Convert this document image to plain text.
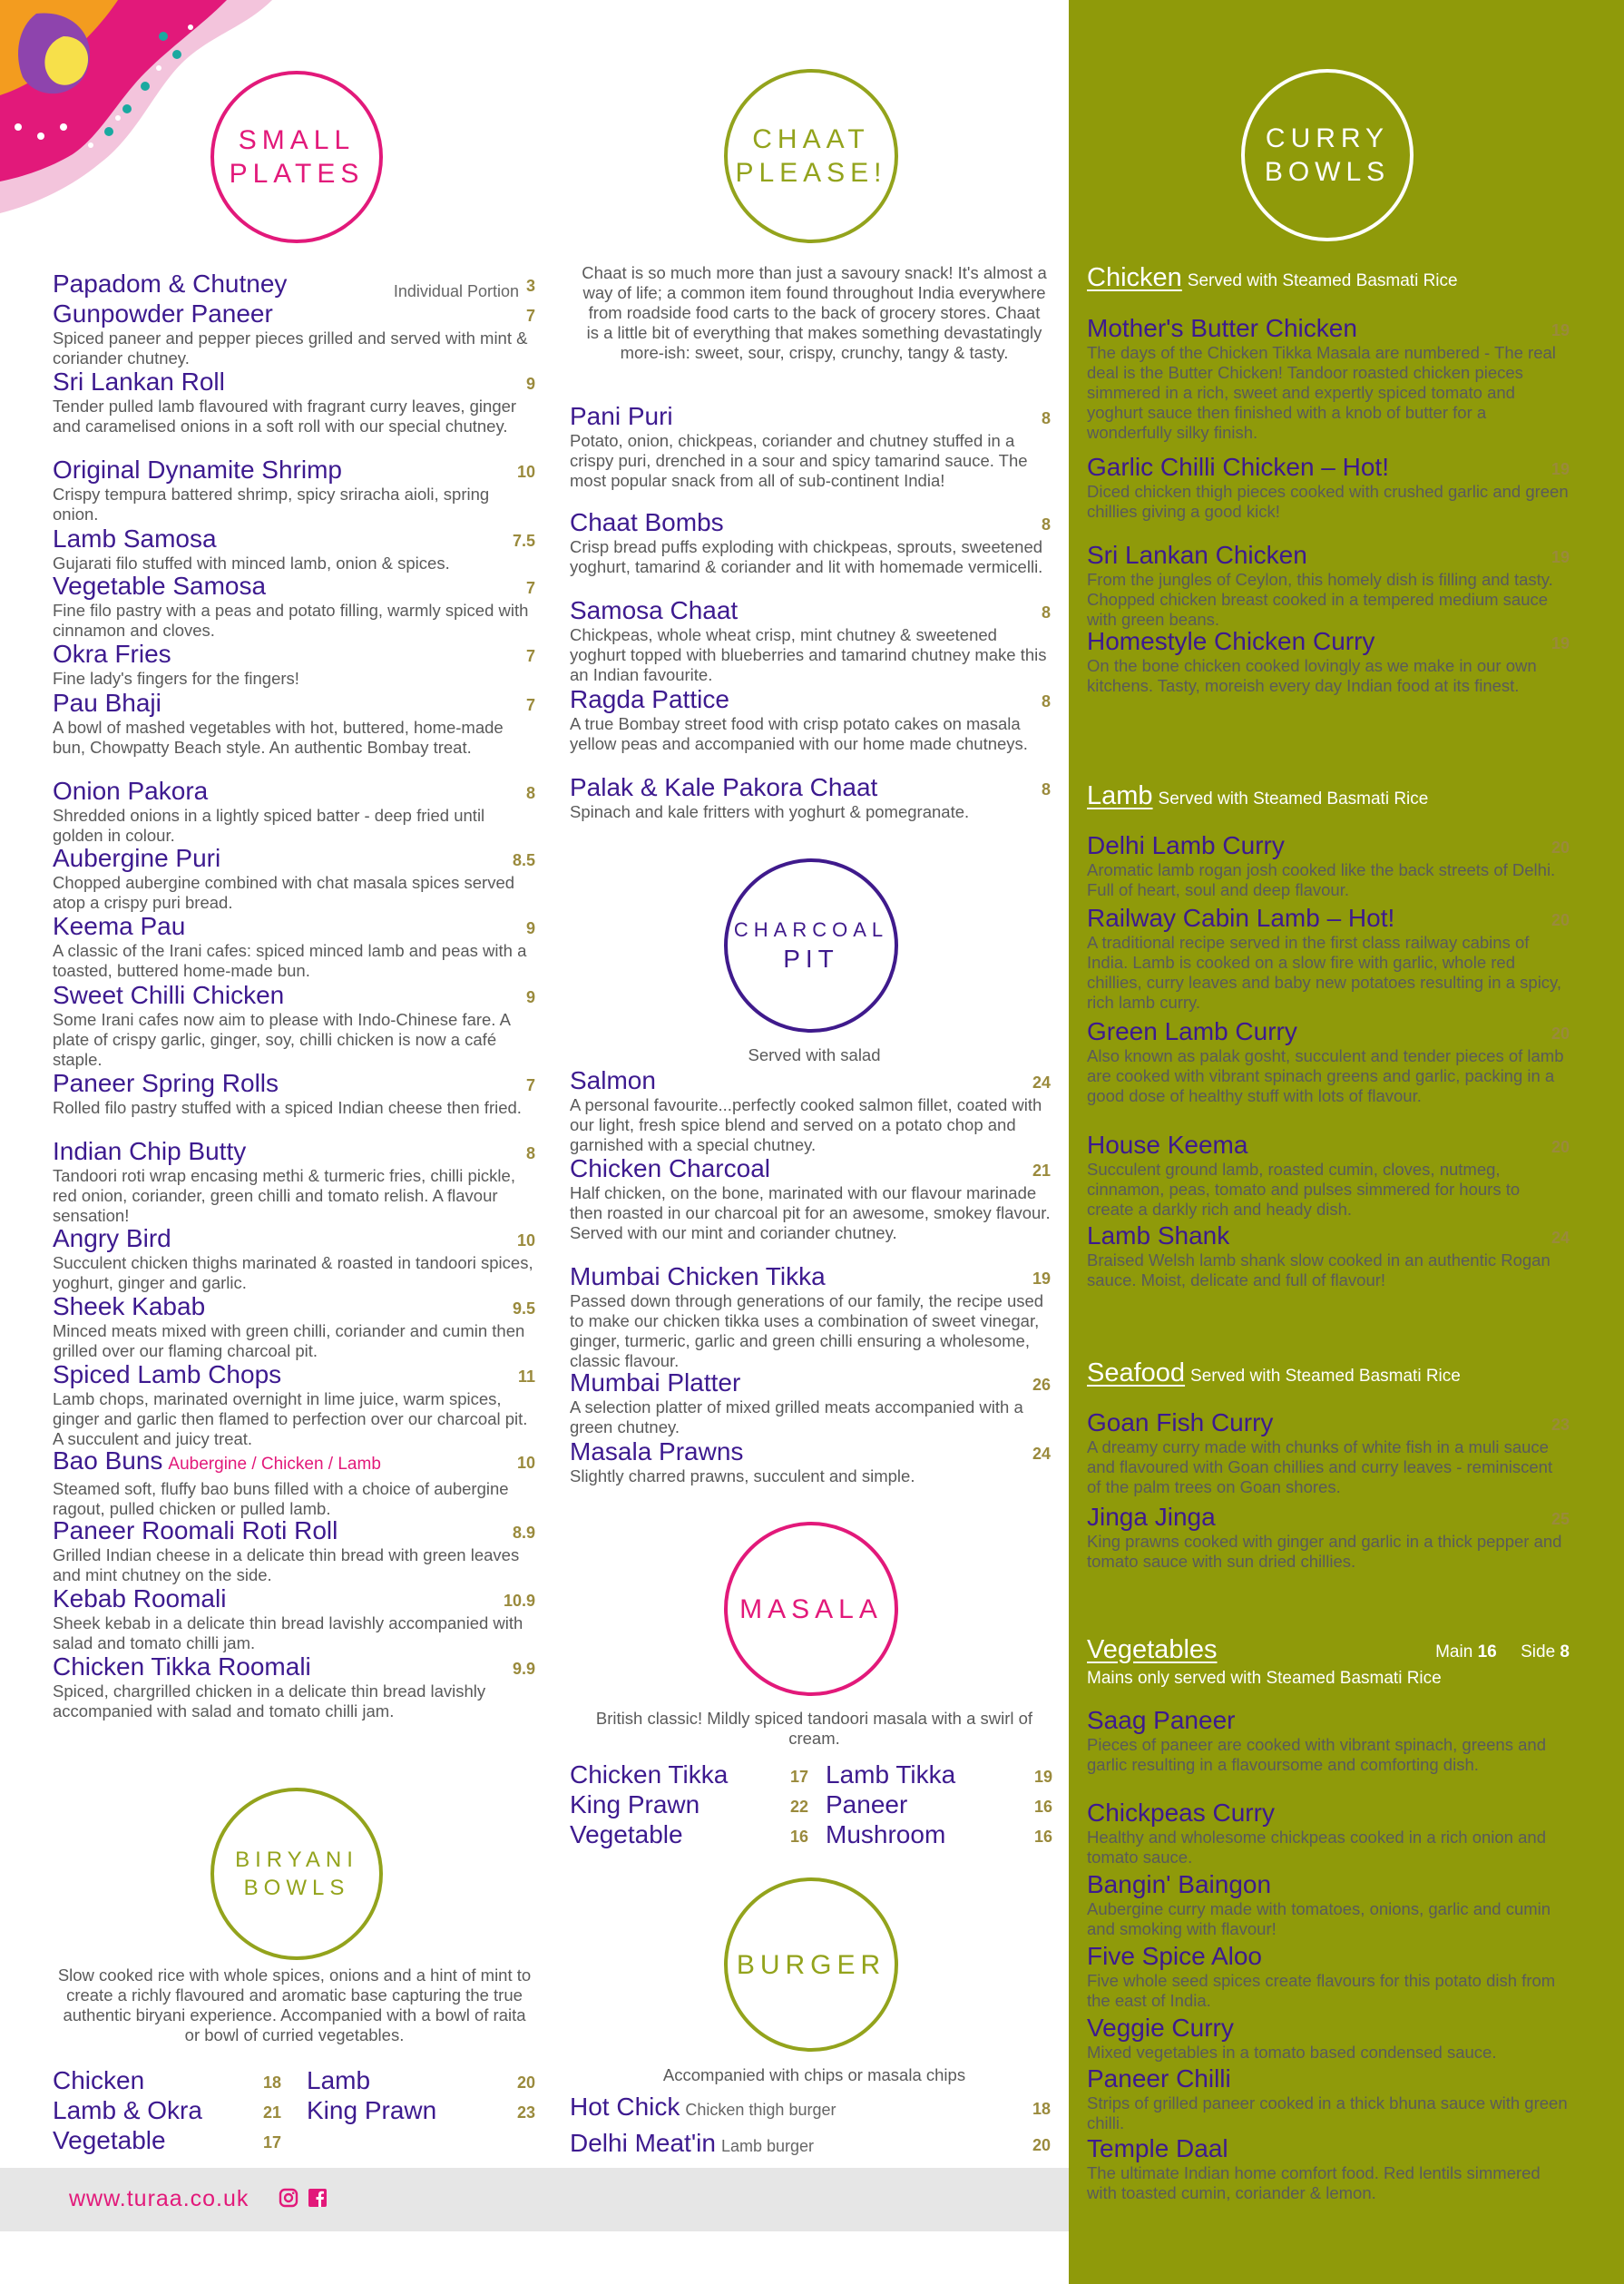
SMALL
PLATES
Papadom & Chutney	Individual Portion 3
Gunpowder Paneer	7
Spiced paneer and pepper pieces grilled and served with mint & coriander chutney.
Sri Lankan Roll	9
Tender pulled lamb flavoured with fragrant curry leaves, ginger and caramelised onions in a soft roll with our special chutney.
Original Dynamite Shrimp	10
Crispy tempura battered shrimp, spicy sriracha aioli, spring onion.
Lamb Samosa	7.5
Gujarati filo stuffed with minced lamb, onion & spices.
Vegetable Samosa	7
Fine filo pastry with a peas and potato filling, warmly spiced with cinnamon and cloves.
Okra Fries	7
Fine lady's fingers for the fingers!
Pau Bhaji	7
A bowl of mashed vegetables with hot, buttered, home-made bun, Chowpatty Beach style. An authentic Bombay treat.
Onion Pakora	8
Shredded onions in a lightly spiced batter - deep fried until golden in colour.
Aubergine Puri	8.5
Chopped aubergine combined with chat masala spices served atop a crispy puri bread.
Keema Pau	9
A classic of the Irani cafes: spiced minced lamb and peas with a toasted, buttered home-made bun.
Sweet Chilli Chicken	9
Some Irani cafes now aim to please with Indo-Chinese fare. A plate of crispy garlic, ginger, soy, chilli chicken is now a café staple.
Paneer Spring Rolls	7
Rolled filo pastry stuffed with a spiced Indian cheese then fried.
Indian Chip Butty	8
Tandoori roti wrap encasing methi & turmeric fries, chilli pickle, red onion, coriander, green chilli and tomato relish. A flavour sensation!
Angry Bird	10
Succulent chicken thighs marinated & roasted in tandoori spices, yoghurt, ginger and garlic.
Sheek Kabab	9.5
Minced meats mixed with green chilli, coriander and cumin then grilled over our flaming charcoal pit.
Spiced Lamb Chops	11
Lamb chops, marinated overnight in lime juice, warm spices, ginger and garlic then flamed to perfection over our charcoal pit. A succulent and juicy treat.
Bao Buns Aubergine / Chicken / Lamb	10
Steamed soft, fluffy bao buns filled with a choice of aubergine ragout, pulled chicken or pulled lamb.
Paneer Roomali Roti Roll	8.9
Grilled Indian cheese in a delicate thin bread with green leaves and mint chutney on the side.
Kebab Roomali	10.9
Sheek kebab in a delicate thin bread lavishly accompanied with salad and tomato chilli jam.
Chicken Tikka Roomali	9.9
Spiced, chargrilled chicken in a delicate thin bread lavishly accompanied with salad and tomato chilli jam.
BIRYANI
BOWLS
Slow cooked rice with whole spices, onions and a hint of mint to create a richly flavoured and aromatic base capturing the true authentic biryani experience. Accompanied with a bowl of raita or bowl of curried vegetables.
Chicken	18 Lamb	20
Lamb & Okra	21 King Prawn	23
Vegetable	17
CHAAT
PLEASE!
Chaat is so much more than just a savoury snack! It's almost a way of life; a common item found throughout India everywhere from roadside food carts to the back of grocery stores. Chaat is a little bit of everything that makes something devastatingly more-ish: sweet, sour, crispy, crunchy, tangy & tasty.
CHARCOAL
PIT
Served with salad
MASALA
British classic! Mildly spiced tandoori masala with a swirl of cream.
BURGER
Accompanied with chips or masala chips
Pani Puri	8
Potato, onion, chickpeas, coriander and chutney stuffed in a crispy puri, drenched in a sour and spicy tamarind sauce. The most popular snack from all of sub-continent India!
Chaat Bombs	8
Crisp bread puffs exploding with chickpeas, sprouts, sweetened yoghurt, tamarind & coriander and lit with homemade vermicelli.
Samosa Chaat	8
Chickpeas, whole wheat crisp, mint chutney & sweetened yoghurt topped with blueberries and tamarind chutney make this an Indian favourite.
Ragda Pattice	8
A true Bombay street food with crisp potato cakes on masala yellow peas and accompanied with our home made chutneys.
Palak & Kale Pakora Chaat	8
Spinach and kale fritters with yoghurt & pomegranate.
Salmon	24
A personal favourite...perfectly cooked salmon fillet, coated with our light, fresh spice blend and served on a potato chop and garnished with a special chutney.
Chicken Charcoal	21
Half chicken, on the bone, marinated with our flavour marinade then roasted in our charcoal pit for an awesome, smokey flavour. Served with our mint and coriander chutney.
Mumbai Chicken Tikka	19
Passed down through generations of our family, the recipe used to make our chicken tikka uses a combination of sweet vinegar, ginger, turmeric, garlic and green chilli ensuring a wholesome, classic flavour.
Mumbai Platter	26
A selection platter of mixed grilled meats accompanied with a green chutney.
Masala Prawns	24
Slightly charred prawns, succulent and simple.
Chicken Tikka	17 Lamb Tikka	19
King Prawn	22 Paneer	16
Vegetable	16 Mushroom	16
Hot Chick Chicken thigh burger	18
Delhi Meat'in Lamb burger	20
CURRY
BOWLS
Chicken Served with Steamed Basmati Rice
Mother's Butter Chicken	19
The days of the Chicken Tikka Masala are numbered - The real deal is the Butter Chicken! Tandoor roasted chicken pieces simmered in a rich, sweet and expertly spiced tomato and yoghurt sauce then finished with a knob of butter for a wonderfully silky finish.
Garlic Chilli Chicken – Hot!	19
Diced chicken thigh pieces cooked with crushed garlic and green chillies giving a good kick!
Sri Lankan Chicken	19
From the jungles of Ceylon, this homely dish is filling and tasty. Chopped chicken breast cooked in a tempered medium sauce with green beans.
Homestyle Chicken Curry	19
On the bone chicken cooked lovingly as we make in our own kitchens. Tasty, moreish every day Indian food at its finest.
Lamb Served with Steamed Basmati Rice
Delhi Lamb Curry	20
Aromatic lamb rogan josh cooked like the back streets of Delhi. Full of heart, soul and deep flavour.
Railway Cabin Lamb – Hot!	20
A traditional recipe served in the first class railway cabins of India. Lamb is cooked on a slow fire with garlic, whole red chillies, curry leaves and baby new potatoes resulting in a spicy, rich lamb curry.
Green Lamb Curry	20
Also known as palak gosht, succulent and tender pieces of lamb are cooked with vibrant spinach greens and garlic, packing in a good dose of healthy stuff with lots of flavour.
House Keema	20
Succulent ground lamb, roasted cumin, cloves, nutmeg, cinnamon, peas, tomato and pulses simmered for hours to create a darkly rich and heady dish.
Lamb Shank	24
Braised Welsh lamb shank slow cooked in an authentic Rogan sauce. Moist, delicate and full of flavour!
Seafood Served with Steamed Basmati Rice
Goan Fish Curry	23
A dreamy curry made with chunks of white fish in a muli sauce and flavoured with Goan chillies and curry leaves - reminiscent of the palm trees on Goan shores.
Jinga Jinga	25
King prawns cooked with ginger and garlic in a thick pepper and tomato sauce with sun dried chillies.
Vegetables	Main 16 Side 8
Mains only served with Steamed Basmati Rice
Saag Paneer
Pieces of paneer are cooked with vibrant spinach, greens and garlic resulting in a flavoursome and comforting dish.
Chickpeas Curry
Healthy and wholesome chickpeas cooked in a rich onion and tomato sauce.
Bangin' Baingon
Aubergine curry made with tomatoes, onions, garlic and cumin and smoking with flavour!
Five Spice Aloo
Five whole seed spices create flavours for this potato dish from the east of India.
Veggie Curry
Mixed vegetables in a tomato based condensed sauce.
Paneer Chilli
Strips of grilled paneer cooked in a thick bhuna sauce with green chilli.
Temple Daal
The ultimate Indian home comfort food. Red lentils simmered with toasted cumin, coriander & lemon.
www.turaa.co.uk
